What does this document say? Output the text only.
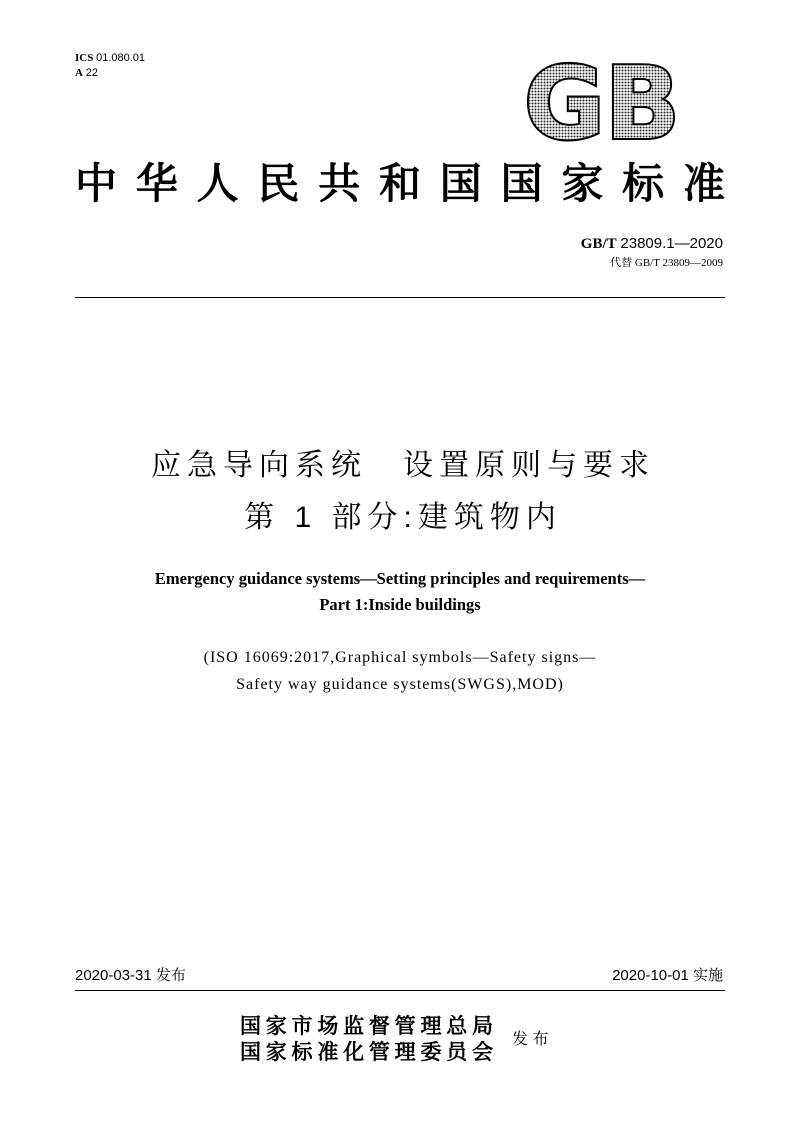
ICS 01.080.01
A 22	GB
中华人民共和国国家标准
GB/T 23809.1—2020
代替 GB/T 23809—2009
应急导向系统　设置原则与要求
第 1 部分:建筑物内
Emergency guidance systems—Setting principles and requirements—
Part 1:Inside buildings
(ISO 16069:2017,Graphical symbols—Safety signs—
Safety way guidance systems(SWGS),MOD)
2020-03-31 发布	2020-10-01 实施
国家市场监督管理总局
国家标准化管理委员会
发 布
